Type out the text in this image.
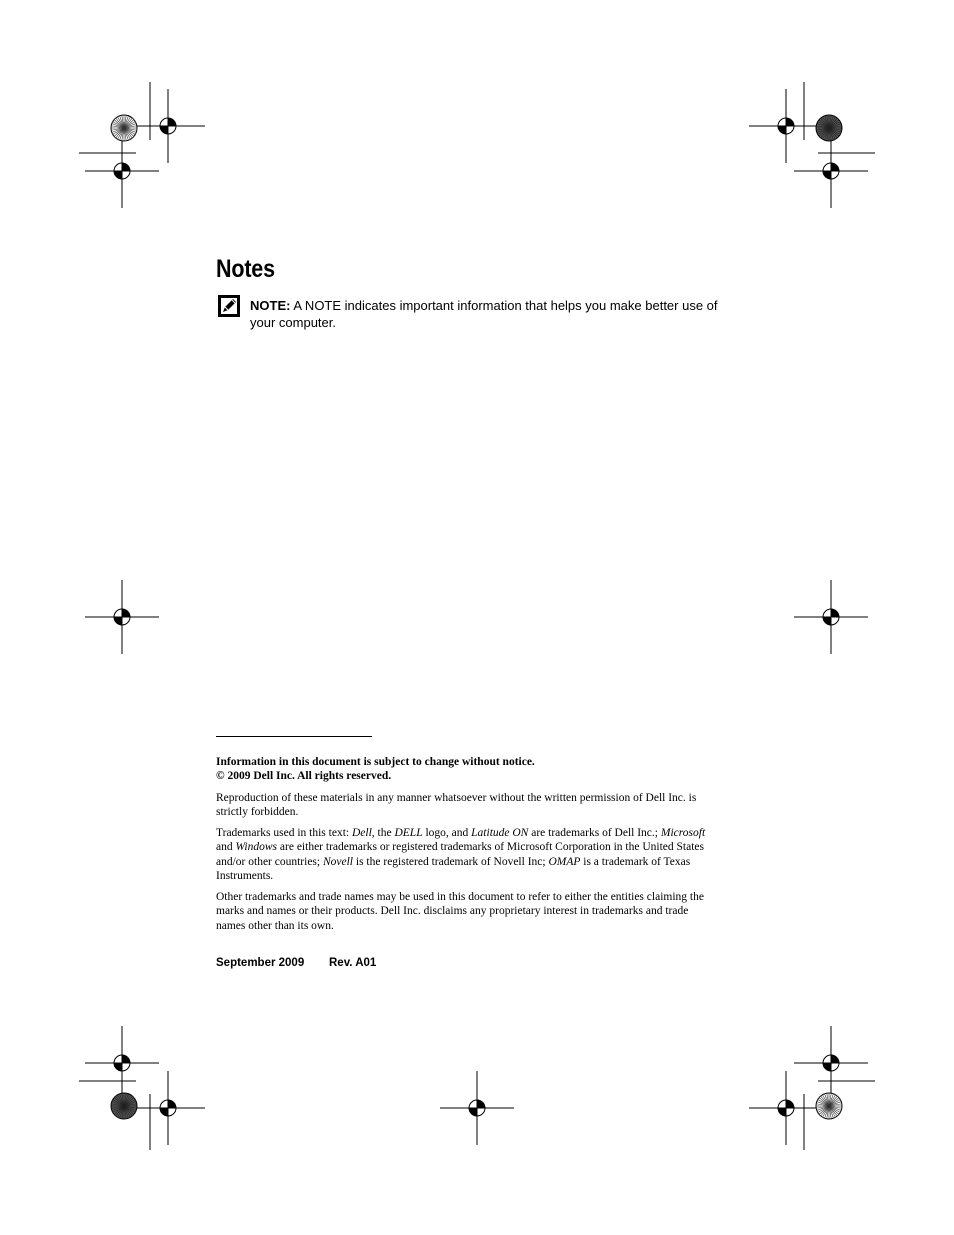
Notes
NOTE: A NOTE indicates important information that helps you make better use of your computer.
Information in this document is subject to change without notice.
© 2009 Dell Inc. All rights reserved.
Reproduction of these materials in any manner whatsoever without the written permission of Dell Inc. is strictly forbidden.
Trademarks used in this text: Dell, the DELL logo, and Latitude ON are trademarks of Dell Inc.; Microsoft and Windows are either trademarks or registered trademarks of Microsoft Corporation in the United States and/or other countries; Novell is the registered trademark of Novell Inc; OMAP is a trademark of Texas Instruments.
Other trademarks and trade names may be used in this document to refer to either the entities claiming the marks and names or their products. Dell Inc. disclaims any proprietary interest in trademarks and trade names other than its own.
September 2009 Rev. A01
